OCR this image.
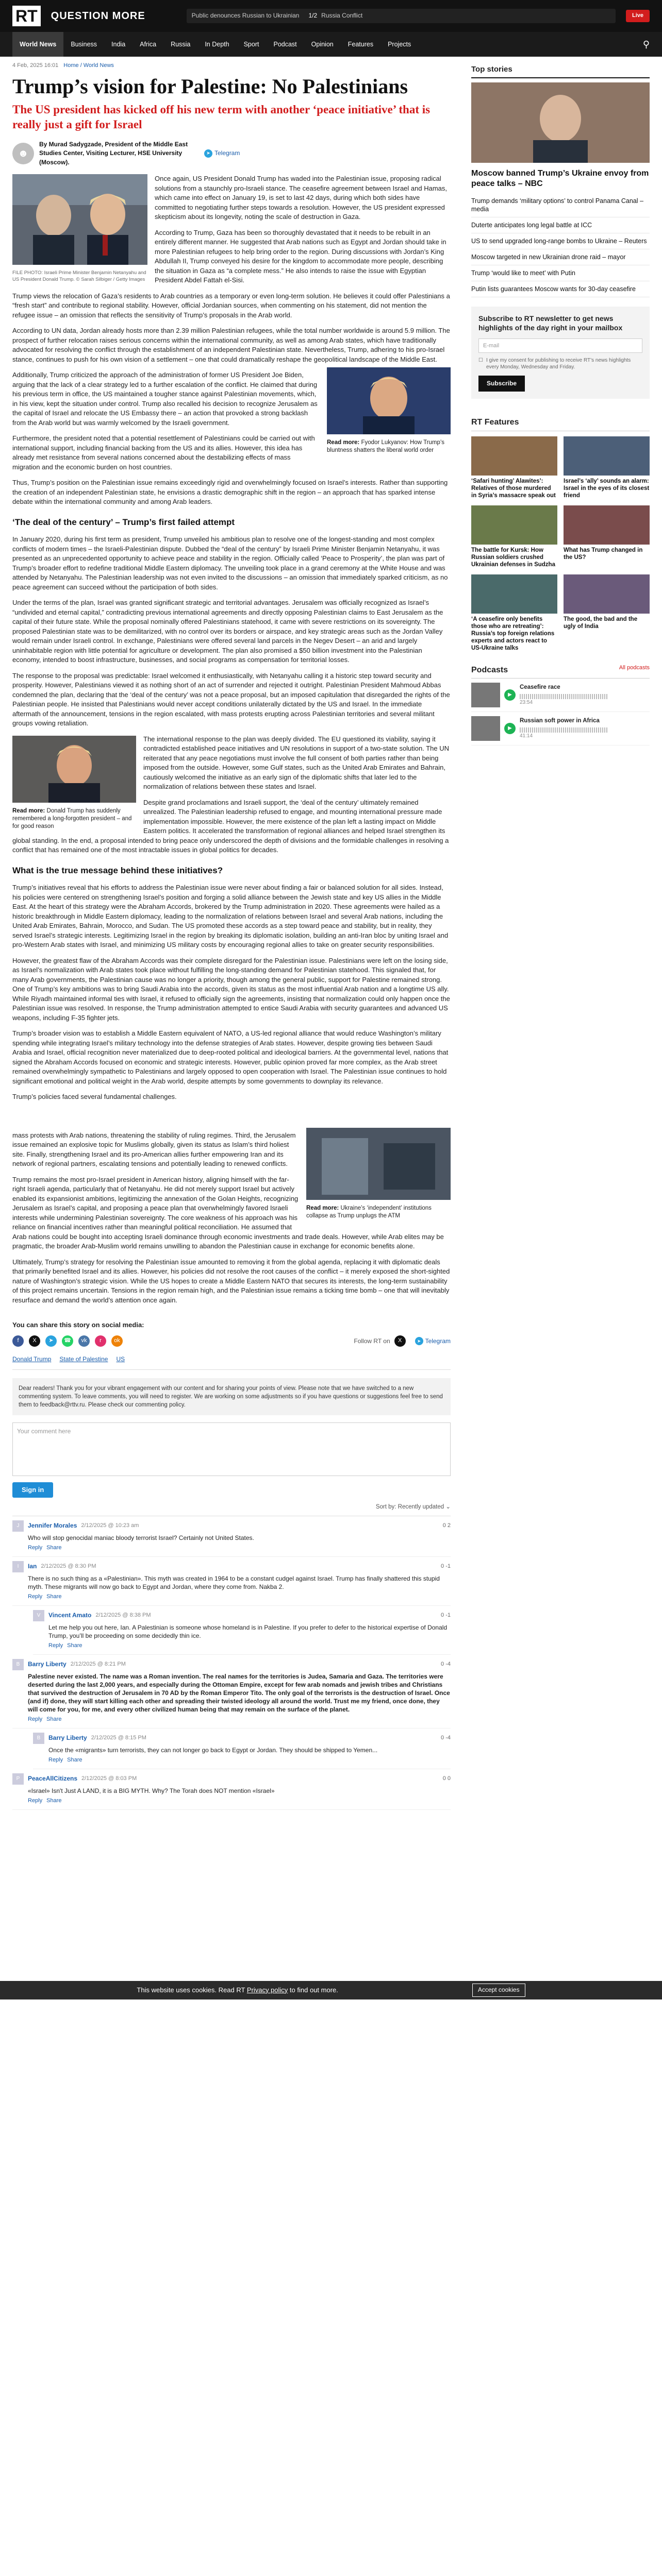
RT	QUESTION MORE	Public denounces Russian to Ukrainian 1/2 Russia Conflict	Live
World News	Business	India	Africa	Russia	In Depth	Sport	Podcast	Opinion	Features	Projects	⚲
4 Feb, 2025 16:01 Home / World News
Trump’s vision for Palestine: No Palestinians
The US president has kicked off his new term with another ‘peace initiative’ that is really just a gift for Israel
☻
By Murad Sadygzade, President of the Middle East Studies Center, Visiting Lecturer, HSE University (Moscow).
➤ Telegram
FILE PHOTO: Israeli Prime Minister Benjamin Netanyahu and US President Donald Trump. © Sarah Silbiger / Getty Images
Once again, US President Donald Trump has waded into the Palestinian issue, proposing radical solutions from a staunchly pro-Israeli stance. The ceasefire agreement between Israel and Hamas, which came into effect on January 19, is set to last 42 days, during which both sides have committed to negotiating further steps towards a resolution. However, the US president expressed skepticism about its longevity, noting the scale of destruction in Gaza.
According to Trump, Gaza has been so thoroughly devastated that it needs to be rebuilt in an entirely different manner. He suggested that Arab nations such as Egypt and Jordan should take in more Palestinian refugees to help bring order to the region. During discussions with Jordan’s King Abdullah II, Trump conveyed his desire for the kingdom to accommodate more people, describing the situation in Gaza as “a complete mess.” He also intends to raise the issue with Egyptian President Abdel Fattah el-Sisi.
Trump views the relocation of Gaza’s residents to Arab countries as a temporary or even long-term solution. He believes it could offer Palestinians a “fresh start” and contribute to regional stability. However, official Jordanian sources, when commenting on his statement, did not mention the refugee issue – an omission that reflects the sensitivity of Trump’s proposals in the Arab world.
According to UN data, Jordan already hosts more than 2.39 million Palestinian refugees, while the total number worldwide is around 5.9 million. The prospect of further relocation raises serious concerns within the international community, as well as among Arab states, which have traditionally advocated for resolving the conflict through the establishment of an independent Palestinian state. Nevertheless, Trump, adhering to his pro-Israel stance, continues to push for his own vision of a settlement – one that could dramatically reshape the geopolitical landscape of the Middle East.
Read more: Fyodor Lukyanov: How Trump’s bluntness shatters the liberal world order
Additionally, Trump criticized the approach of the administration of former US President Joe Biden, arguing that the lack of a clear strategy led to a further escalation of the conflict. He claimed that during his previous term in office, the US maintained a tougher stance against Palestinian movements, which, in his view, kept the situation under control. Trump also recalled his decision to recognize Jerusalem as the capital of Israel and relocate the US Embassy there – an action that provoked a strong backlash from the Arab world but was warmly welcomed by the Israeli government.
Furthermore, the president noted that a potential resettlement of Palestinians could be carried out with international support, including financial backing from the US and its allies. However, this idea has already met resistance from several nations concerned about the destabilizing effects of mass migration and the economic burden on host countries.
Thus, Trump’s position on the Palestinian issue remains exceedingly rigid and overwhelmingly focused on Israel’s interests. Rather than supporting the creation of an independent Palestinian state, he envisions a drastic demographic shift in the region – an approach that has sparked intense debate within the international community and among Arab leaders.
‘The deal of the century’ – Trump’s first failed attempt
In January 2020, during his first term as president, Trump unveiled his ambitious plan to resolve one of the longest-standing and most complex conflicts of modern times – the Israeli-Palestinian dispute. Dubbed the “deal of the century” by Israeli Prime Minister Benjamin Netanyahu, it was presented as an unprecedented opportunity to achieve peace and stability in the region. Officially called ‘Peace to Prosperity’, the plan was part of Trump’s broader effort to redefine traditional Middle Eastern diplomacy. The unveiling took place in a grand ceremony at the White House and was attended by Netanyahu. The Palestinian leadership was not even invited to the discussions – an omission that immediately sparked criticism, as no peace agreement can succeed without the participation of both sides.
Under the terms of the plan, Israel was granted significant strategic and territorial advantages. Jerusalem was officially recognized as Israel’s “undivided and eternal capital,” contradicting previous international agreements and directly opposing Palestinian claims to East Jerusalem as the capital of their future state. While the proposal nominally offered Palestinians statehood, it came with severe restrictions on its sovereignty. The proposed Palestinian state was to be demilitarized, with no control over its borders or airspace, and key strategic areas such as the Jordan Valley would remain under Israeli control. In exchange, Palestinians were offered several land parcels in the Negev Desert – an arid and largely uninhabitable region with little potential for agriculture or development. The plan also promised a $50 billion investment into the Palestinian economy, intended to boost infrastructure, businesses, and social programs as compensation for territorial losses.
The response to the proposal was predictable: Israel welcomed it enthusiastically, with Netanyahu calling it a historic step toward security and prosperity. However, Palestinians viewed it as nothing short of an act of surrender and rejected it outright. Palestinian President Mahmoud Abbas condemned the plan, declaring that the ‘deal of the century’ was not a peace proposal, but an imposed capitulation that disregarded the rights of the Palestinian people. He insisted that Palestinians would never accept conditions unilaterally dictated by the US and Israel. In the immediate aftermath of the announcement, tensions in the region escalated, with mass protests erupting across Palestinian territories and several militant groups vowing retaliation.
Read more: Donald Trump has suddenly remembered a long-forgotten president – and for good reason
The international response to the plan was deeply divided. The EU questioned its viability, saying it contradicted established peace initiatives and UN resolutions in support of a two-state solution. The UN reiterated that any peace negotiations must involve the full consent of both parties rather than being imposed from the outside. However, some Gulf states, such as the United Arab Emirates and Bahrain, cautiously welcomed the initiative as an early sign of the diplomatic shifts that later led to the normalization of relations between these states and Israel.
Despite grand proclamations and Israeli support, the ‘deal of the century’ ultimately remained unrealized. The Palestinian leadership refused to engage, and mounting international pressure made implementation impossible. However, the mere existence of the plan left a lasting impact on Middle Eastern politics. It accelerated the transformation of regional alliances and helped Israel strengthen its global standing. In the end, a proposal intended to bring peace only underscored the depth of divisions and the formidable challenges in resolving a conflict that has remained one of the most intractable issues in global politics for decades.
What is the true message behind these initiatives?
Trump’s initiatives reveal that his efforts to address the Palestinian issue were never about finding a fair or balanced solution for all sides. Instead, his policies were centered on strengthening Israel’s position and forging a solid alliance between the Jewish state and key US allies in the Middle East. At the heart of this strategy were the Abraham Accords, brokered by the Trump administration in 2020. These agreements were hailed as a historic breakthrough in Middle Eastern diplomacy, leading to the normalization of relations between Israel and several Arab nations, including the United Arab Emirates, Bahrain, Morocco, and Sudan. The US promoted these accords as a step toward peace and stability, but in reality, they served Israel’s strategic interests. Legitimizing Israel in the region by breaking its diplomatic isolation, building an anti-Iran bloc by uniting Israel and pro-Western Arab states with Israel, and minimizing US military costs by encouraging regional allies to take on greater security responsibilities.
However, the greatest flaw of the Abraham Accords was their complete disregard for the Palestinian issue. Palestinians were left on the losing side, as Israel’s normalization with Arab states took place without fulfilling the long-standing demand for Palestinian statehood. This signaled that, for many Arab governments, the Palestinian cause was no longer a priority, though among the general public, support for Palestine remained strong. One of Trump’s key ambitions was to bring Saudi Arabia into the accords, given its status as the most influential Arab nation and a longtime US ally. While Riyadh maintained informal ties with Israel, it refused to officially sign the agreements, insisting that normalization could only happen once the Palestinian issue was resolved. In response, the Trump administration attempted to entice Saudi Arabia with security guarantees and advanced US weapons, including F-35 fighter jets.
Trump’s broader vision was to establish a Middle Eastern equivalent of NATO, a US-led regional alliance that would reduce Washington’s military spending while integrating Israel’s military technology into the defense strategies of Arab states. However, despite growing ties between Saudi Arabia and Israel, official recognition never materialized due to deep-rooted political and ideological barriers. At the governmental level, nations that signed the Abraham Accords focused on economic and strategic interests. However, public opinion proved far more complex, as the Arab street remained overwhelmingly sympathetic to Palestinians and largely opposed to open cooperation with Israel. The Palestinian issue continues to hold significant emotional and political weight in the Arab world, despite attempts by some governments to downplay its relevance.
Trump’s policies faced several fundamental challenges.
Read more: Ukraine’s ‘independent’ institutions collapse as Trump unplugs the ATM
mass protests with Arab nations, threatening the stability of ruling regimes. Third, the Jerusalem issue remained an explosive topic for Muslims globally, given its status as Islam’s third holiest site. Finally, strengthening Israel and its pro-American allies further empowering Iran and its network of regional partners, escalating tensions and potentially leading to renewed conflicts.
Trump remains the most pro-Israel president in American history, aligning himself with the far-right Israeli agenda, particularly that of Netanyahu. He did not merely support Israel but actively enabled its expansionist ambitions, legitimizing the annexation of the Golan Heights, recognizing Jerusalem as Israel’s capital, and proposing a peace plan that overwhelmingly favored Israeli interests while undermining Palestinian sovereignty. The core weakness of his approach was his reliance on financial incentives rather than meaningful political reconciliation. He assumed that Arab nations could be bought into accepting Israeli dominance through economic investments and trade deals. However, while Arab elites may be pragmatic, the broader Arab-Muslim world remains unwilling to abandon the Palestinian cause in exchange for economic benefits alone.
Ultimately, Trump’s strategy for resolving the Palestinian issue amounted to removing it from the global agenda, replacing it with diplomatic deals that primarily benefited Israel and its allies. However, his policies did not resolve the root causes of the conflict – it merely exposed the short-sighted nature of Washington’s strategic vision. While the US hopes to create a Middle Eastern NATO that secures its interests, the long-term sustainability of this project remains uncertain. Tensions in the region remain high, and the Palestinian issue remains a ticking time bomb – one that will inevitably resurface and demand the world’s attention once again.
You can share this story on social media:
f	X	➤	☎	vk	r	ok	Follow RT on	X	➤ Telegram
Donald Trump State of Palestine US
Dear readers! Thank you for your vibrant engagement with our content and for sharing your points of view. Please note that we have switched to a new commenting system. To leave comments, you will need to register. We are working on some adjustments so if you have questions or suggestions feel free to send them to feedback@rttv.ru. Please check our commenting policy.
Your comment here
Sign in
Sort by: Recently updated ⌄
J	Jennifer Morales 2/12/2025 @ 10:23 am	0 2
Who will stop genocidal maniac bloody terrorist Israel? Certainly not United States.
Reply Share
I	Ian 2/12/2025 @ 8:30 PM	0 -1
There is no such thing as a «Palestinian». This myth was created in 1964 to be a constant cudgel against Israel. Trump has finally shattered this stupid myth. These migrants will now go back to Egypt and Jordan, where they come from. Nakba 2.
Reply Share
V	Vincent Amato 2/12/2025 @ 8:38 PM	0 -1
Let me help you out here, Ian. A Palestinian is someone whose homeland is in Palestine. If you prefer to defer to the historical expertise of Donald Trump, you’ll be proceeding on some decidedly thin ice.
Reply Share
B	Barry Liberty 2/12/2025 @ 8:21 PM	0 -4
Palestine never existed. The name was a Roman invention. The real names for the territories is Judea, Samaria and Gaza. The territories were deserted during the last 2,000 years, and especially during the Ottoman Empire, except for few arab nomads and jewish tribes and Christians that survived the destruction of Jerusalem in 70 AD by the Roman Emperor Tito. The only goal of the terrorists is the destruction of Israel. Once (and if) done, they will start killing each other and spreading their twisted ideology all around the world. Trust me my friend, once done, they will come for you, for me, and every other civilized human being that may remain on the surface of the planet.
Reply Share
B	Barry Liberty 2/12/2025 @ 8:15 PM	0 -4
Once the «migrants» turn terrorists, they can not longer go back to Egypt or Jordan. They should be shipped to Yemen...
Reply Share
P	PeaceAllCitizens 2/12/2025 @ 8:03 PM	0 0
«Israel» Isn't Just A LAND, it is a BIG MYTH. Why? The Torah does NOT mention «Israel»
Reply Share
Top stories
Moscow banned Trump’s Ukraine envoy from peace talks – NBC
Trump demands ‘military options’ to control Panama Canal – media
Duterte anticipates long legal battle at ICC
US to send upgraded long-range bombs to Ukraine – Reuters
Moscow targeted in new Ukrainian drone raid – mayor
Trump ‘would like to meet’ with Putin
Putin lists guarantees Moscow wants for 30-day ceasefire
Subscribe to RT newsletter to get news highlights of the day right in your mailbox
E-mail
☐ I give my consent for publishing to receive RT’s news highlights every Monday, Wednesday and Friday.
Subscribe
RT Features
‘Safari hunting’ Alawites’: Relatives of those murdered in Syria’s massacre speak out
Israel’s ‘ally’ sounds an alarm: Israel in the eyes of its closest friend
The battle for Kursk: How Russian soldiers crushed Ukrainian defenses in Sudzha
What has Trump changed in the US?
‘A ceasefire only benefits those who are retreating’: Russia’s top foreign relations experts and actors react to US-Ukraine talks
The good, the bad and the ugly of India
Podcasts	All podcasts
▶
Ceasefire race
23:54
▶
Russian soft power in Africa
41:14
This website uses cookies. Read RT Privacy policy to find out more.	Accept cookies
